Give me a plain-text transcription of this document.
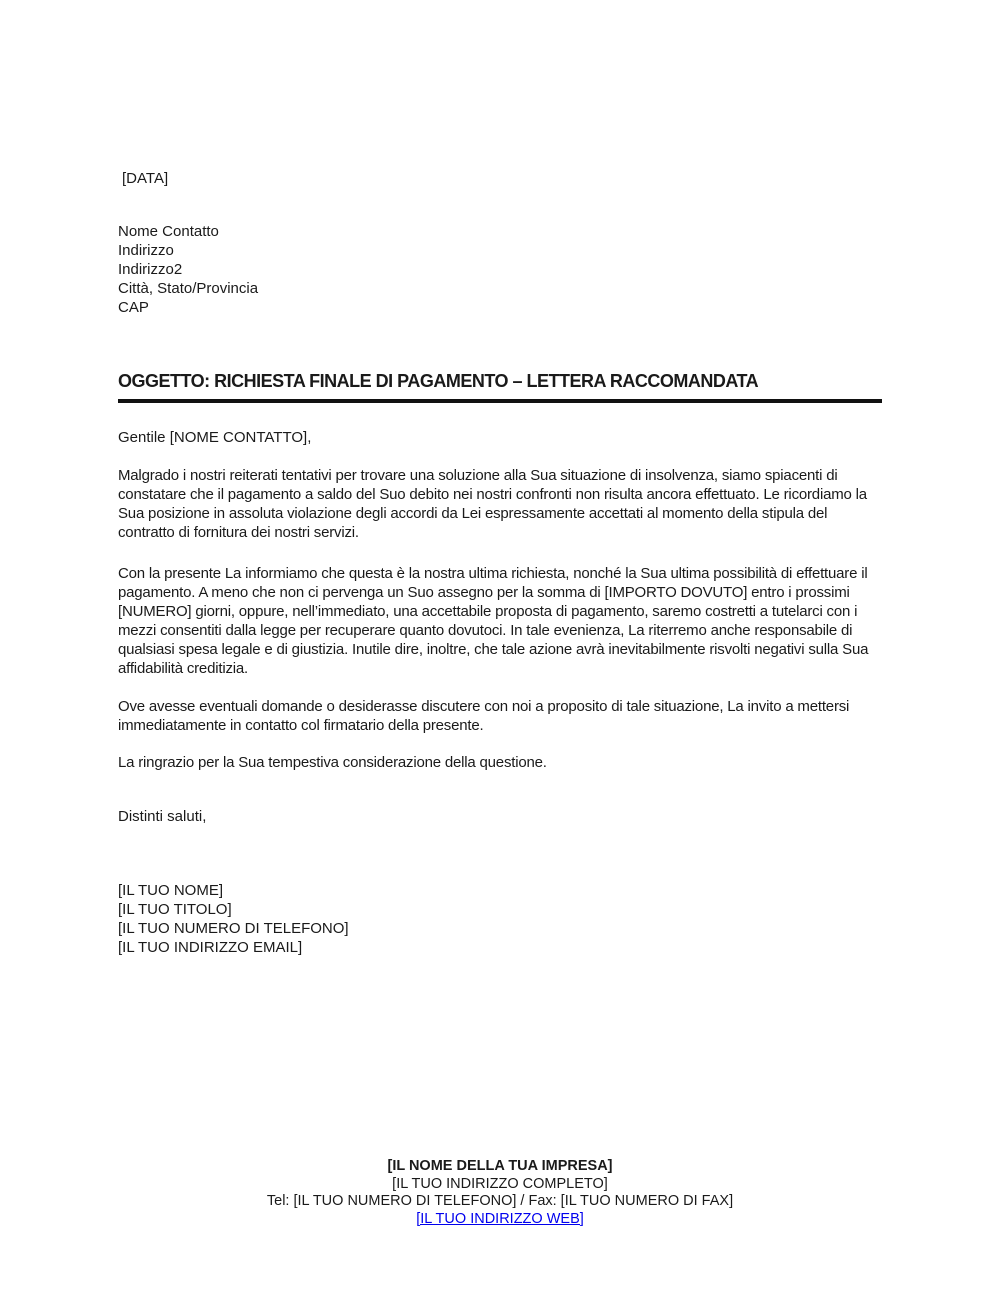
[DATA]
Nome Contatto
Indirizzo
Indirizzo2
Città, Stato/Provincia
CAP
OGGETTO: RICHIESTA FINALE DI PAGAMENTO – LETTERA RACCOMANDATA
Gentile [NOME CONTATTO],

Malgrado i nostri reiterati tentativi per trovare una soluzione alla Sua situazione di insolvenza, siamo spiacenti di constatare che il pagamento a saldo del Suo debito nei nostri confronti non risulta ancora effettuato. Le ricordiamo la Sua posizione in assoluta violazione degli accordi da Lei espressamente accettati al momento della stipula del contratto di fornitura dei nostri servizi.

Con la presente La informiamo che questa è la nostra ultima richiesta, nonché la Sua ultima possibilità di effettuare il pagamento. A meno che non ci pervenga un Suo assegno per la somma di [IMPORTO DOVUTO] entro i prossimi [NUMERO] giorni, oppure, nell’immediato, una accettabile proposta di pagamento, saremo costretti a tutelarci con i mezzi consentiti dalla legge per recuperare quanto dovutoci. In tale evenienza, La riterremo anche responsabile di qualsiasi spesa legale e di giustizia. Inutile dire, inoltre, che tale azione avrà inevitabilmente risvolti negativi sulla Sua affidabilità creditizia.

Ove avesse eventuali domande o desiderasse discutere con noi a proposito di tale situazione, La invito a mettersi immediatamente in contatto col firmatario della presente.

La ringrazio per la Sua tempestiva considerazione della questione.

Distinti saluti,
[IL TUO NOME]
[IL TUO TITOLO]
[IL TUO NUMERO DI TELEFONO]
[IL TUO INDIRIZZO EMAIL]
[IL NOME DELLA TUA IMPRESA]
[IL TUO INDIRIZZO COMPLETO]
Tel: [IL TUO NUMERO DI TELEFONO] / Fax: [IL TUO NUMERO DI FAX]
[IL TUO INDIRIZZO WEB]
